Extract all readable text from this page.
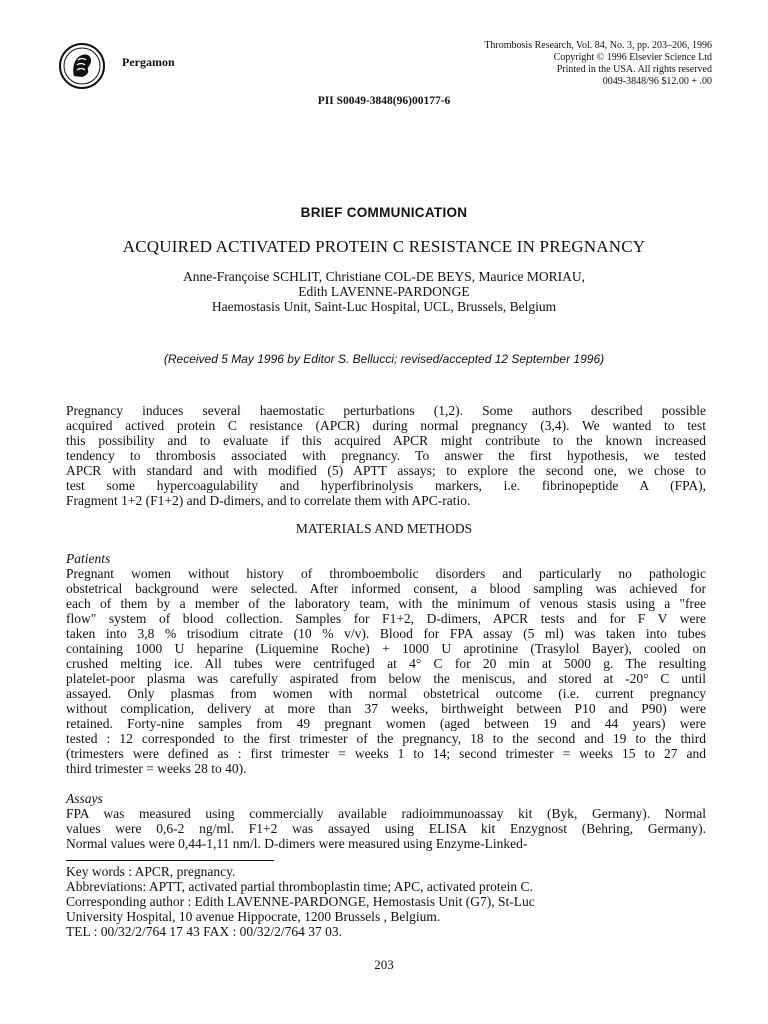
Pergamon
Thrombosis Research, Vol. 84, No. 3, pp. 203–206, 1996
Copyright © 1996 Elsevier Science Ltd
Printed in the USA. All rights reserved
0049-3848/96 $12.00 + .00
PII S0049-3848(96)00177-6
BRIEF COMMUNICATION
ACQUIRED ACTIVATED PROTEIN C RESISTANCE IN PREGNANCY
Anne-Françoise SCHLIT, Christiane COL-DE BEYS, Maurice MORIAU,
Edith LAVENNE-PARDONGE
Haemostasis Unit, Saint-Luc Hospital, UCL, Brussels, Belgium
(Received 5 May 1996 by Editor S. Bellucci; revised/accepted 12 September 1996)
Pregnancy induces several haemostatic perturbations (1,2). Some authors described possible
acquired actived protein C resistance (APCR) during normal pregnancy (3,4). We wanted to test
this possibility and to evaluate if this acquired APCR might contribute to the known increased
tendency to thrombosis associated with pregnancy. To answer the first hypothesis, we tested
APCR with standard and with modified (5) APTT assays; to explore the second one, we chose to
test some hypercoagulability and hyperfibrinolysis markers, i.e. fibrinopeptide A (FPA),
Fragment 1+2 (F1+2) and D-dimers, and to correlate them with APC-ratio.
MATERIALS AND METHODS
Patients
Pregnant women without history of thromboembolic disorders and particularly no pathologic
obstetrical background were selected. After informed consent, a blood sampling was achieved for
each of them by a member of the laboratory team, with the minimum of venous stasis using a "free
flow" system of blood collection. Samples for F1+2, D-dimers, APCR tests and for F V were
taken into 3,8 % trisodium citrate (10 % v/v). Blood for FPA assay (5 ml) was taken into tubes
containing 1000 U heparine (Liquemine Roche) + 1000 U aprotinine (Trasylol Bayer), cooled on
crushed melting ice. All tubes were centrifuged at 4° C for 20 min at 5000 g. The resulting
platelet-poor plasma was carefully aspirated from below the meniscus, and stored at -20° C until
assayed. Only plasmas from women with normal obstetrical outcome (i.e. current pregnancy
without complication, delivery at more than 37 weeks, birthweight between P10 and P90) were
retained. Forty-nine samples from 49 pregnant women (aged between 19 and 44 years) were
tested : 12 corresponded to the first trimester of the pregnancy, 18 to the second and 19 to the third
(trimesters were defined as : first trimester = weeks 1 to 14; second trimester = weeks 15 to 27 and
third trimester = weeks 28 to 40).
Assays
FPA was measured using commercially available radioimmunoassay kit (Byk, Germany). Normal
values were 0,6-2 ng/ml. F1+2 was assayed using ELISA kit Enzygnost (Behring, Germany).
Normal values were 0,44-1,11 nm/l. D-dimers were measured using Enzyme-Linked-
Key words : APCR, pregnancy.
Abbreviations: APTT, activated partial thromboplastin time; APC, activated protein C.
Corresponding author : Edith LAVENNE-PARDONGE, Hemostasis Unit (G7), St-Luc
University Hospital, 10 avenue Hippocrate, 1200 Brussels , Belgium.
TEL : 00/32/2/764 17 43 FAX : 00/32/2/764 37 03.
203
